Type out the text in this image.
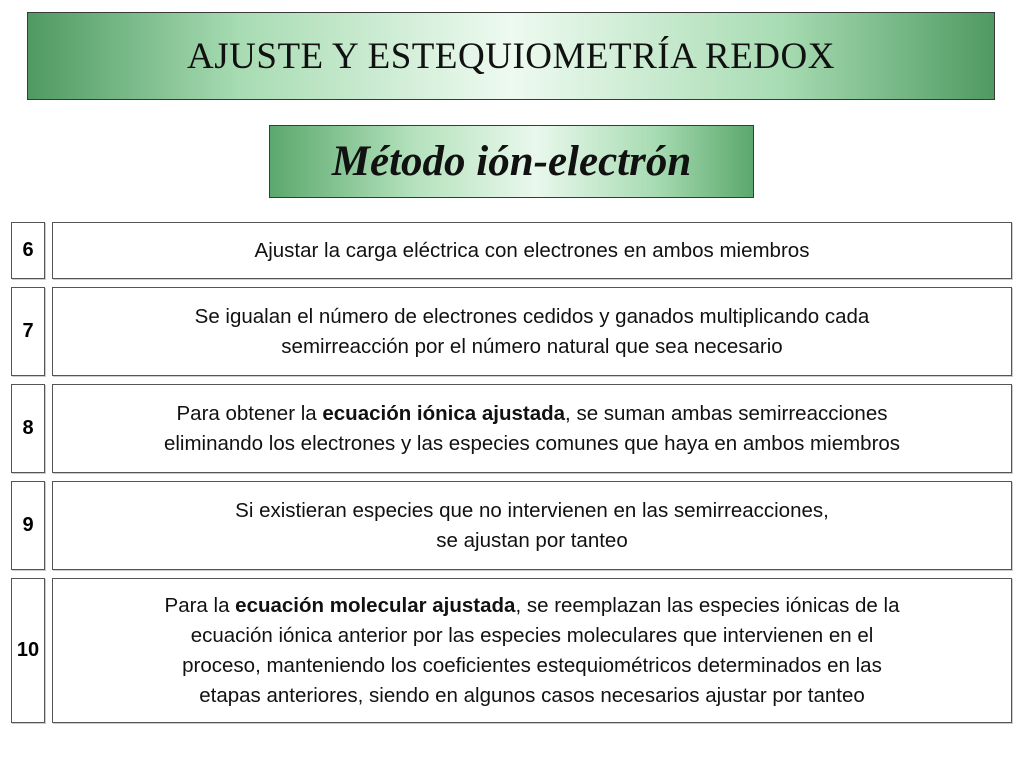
AJUSTE Y ESTEQUIOMETRÍA REDOX
Método ión-electrón
6	Ajustar la carga eléctrica con electrones en ambos miembros
7
Se igualan el número de electrones cedidos y ganados multiplicando cada
semirreacción por el número natural que sea necesario
8
Para obtener la ecuación iónica ajustada, se suman ambas semirreacciones
eliminando los electrones y las especies comunes que haya en ambos miembros
9
Si existieran especies que no intervienen en las semirreacciones,
se ajustan por tanteo
10
Para la ecuación molecular ajustada, se reemplazan las especies iónicas de la
ecuación iónica anterior por las especies moleculares que intervienen en el
proceso, manteniendo los coeficientes estequiométricos determinados en las
etapas anteriores, siendo en algunos casos necesarios ajustar por tanteo
